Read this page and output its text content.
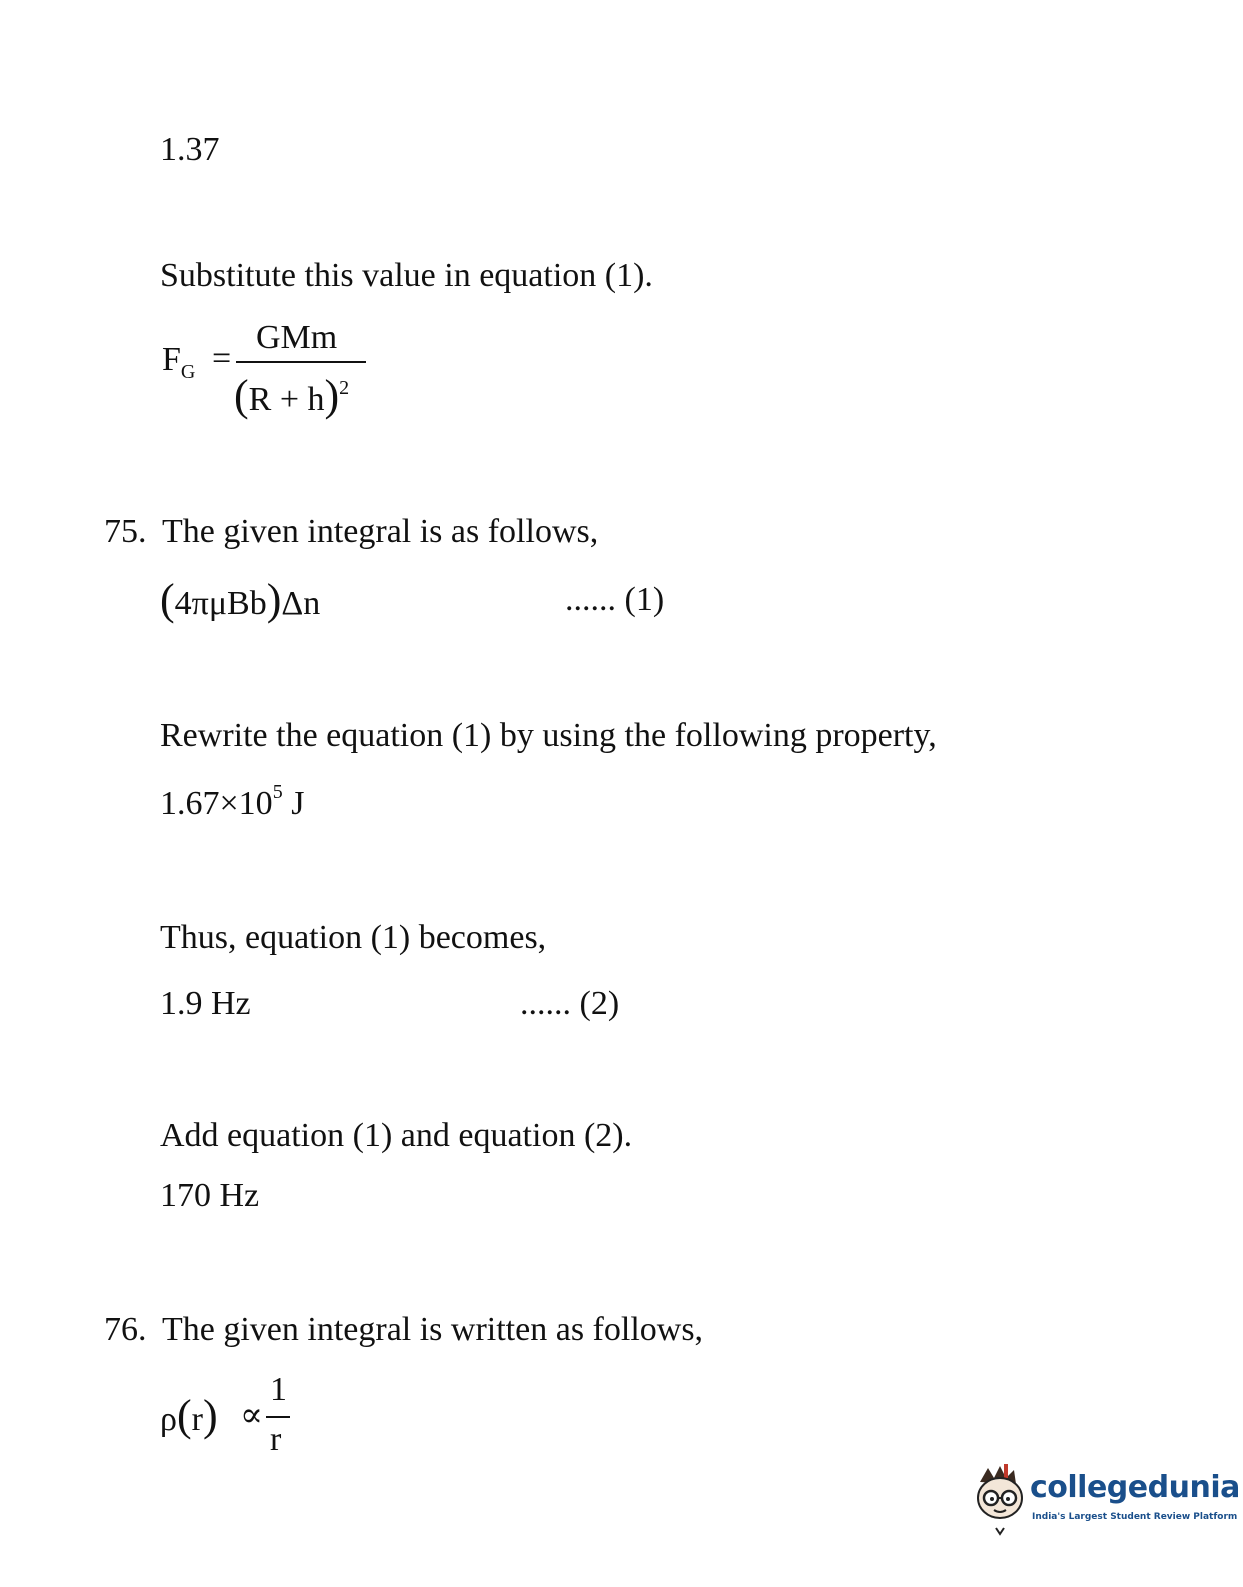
1.37
Substitute this value in equation (1).
$F_G$ =
GMm
$(R + h)^2$
75. The given integral is as follows,
(4πμBb)Δn	...... (1)
Rewrite the equation (1) by using the following property,
$1.67\times 10^5$ J
Thus, equation (1) becomes,
1.9 Hz	...... (2)
Add equation (1) and equation (2).
170 Hz
76. The given integral is written as follows,
ρ(r) ∝
1
r
collegedunia
India's Largest Student Review Platform
